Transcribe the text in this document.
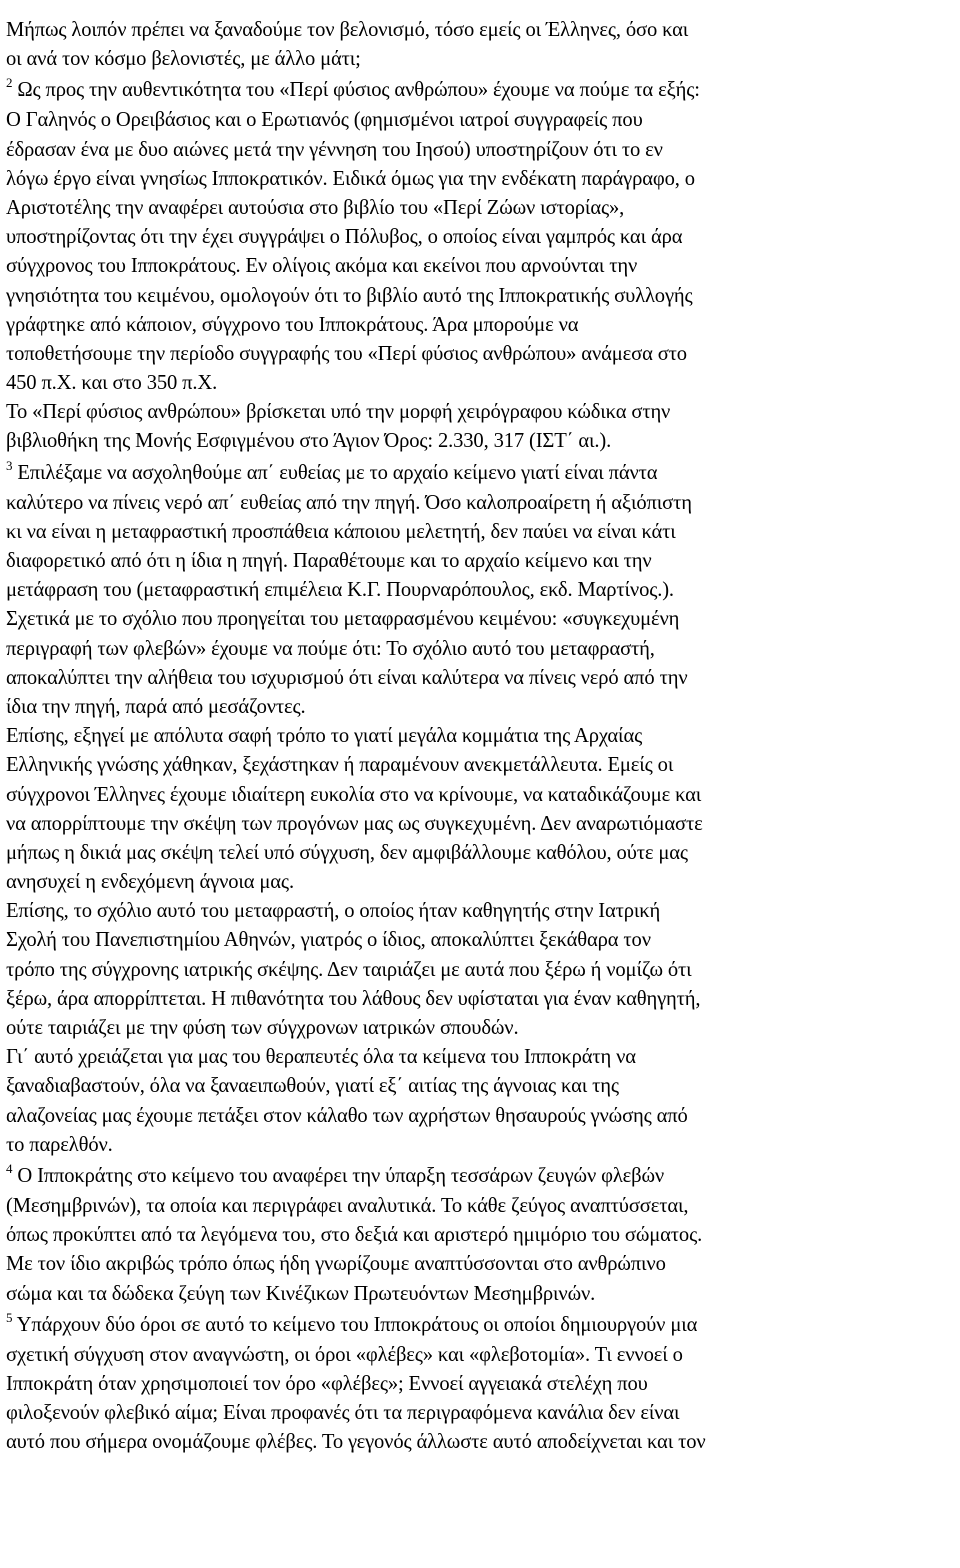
Μήπως λοιπόν πρέπει να ξαναδούμε τον βελονισμό, τόσο εμείς οι Έλληνες, όσο και
οι ανά τον κόσμο βελονιστές, με άλλο μάτι;
$^2$ Ως προς την αυθεντικότητα του «Περί φύσιος ανθρώπου» έχουμε να πούμε τα εξής:
Ο Γαληνός ο Ορειβάσιος και ο Ερωτιανός (φημισμένοι ιατροί συγγραφείς που
έδρασαν ένα με δυο αιώνες μετά την γέννηση του Ιησού) υποστηρίζουν ότι το εν
λόγω έργο είναι γνησίως Ιπποκρατικόν. Ειδικά όμως για την ενδέκατη παράγραφο, ο
Αριστοτέλης την αναφέρει αυτούσια στο βιβλίο του «Περί Ζώων ιστορίας»,
υποστηρίζοντας ότι την έχει συγγράψει ο Πόλυβος, ο οποίος είναι γαμπρός και άρα
σύγχρονος του Ιπποκράτους. Εν ολίγοις ακόμα και εκείνοι που αρνούνται την
γνησιότητα του κειμένου, ομολογούν ότι το βιβλίο αυτό της Ιπποκρατικής συλλογής
γράφτηκε από κάποιον, σύγχρονο του Ιπποκράτους. Άρα μπορούμε να
τοποθετήσουμε την περίοδο συγγραφής του «Περί φύσιος ανθρώπου» ανάμεσα στο
450 π.Χ. και στο 350 π.Χ.
Το «Περί φύσιος ανθρώπου» βρίσκεται υπό την μορφή χειρόγραφου κώδικα στην
βιβλιοθήκη της Μονής Εσφιγμένου στο Άγιον Όρος: 2.330, 317 (ΙΣΤ΄ αι.).
$^3$ Επιλέξαμε να ασχοληθούμε απ΄ ευθείας με το αρχαίο κείμενο γιατί είναι πάντα
καλύτερο να πίνεις νερό απ΄ ευθείας από την πηγή. Όσο καλοπροαίρετη ή αξιόπιστη
κι να είναι η μεταφραστική προσπάθεια κάποιου μελετητή, δεν παύει να είναι κάτι
διαφορετικό από ότι η ίδια η πηγή. Παραθέτουμε και το αρχαίο κείμενο και την
μετάφραση του (μεταφραστική επιμέλεια Κ.Γ. Πουρναρόπουλος, εκδ. Μαρτίνος.).
Σχετικά με το σχόλιο που προηγείται του μεταφρασμένου κειμένου: «συγκεχυμένη
περιγραφή των φλεβών» έχουμε να πούμε ότι: Το σχόλιο αυτό του μεταφραστή,
αποκαλύπτει την αλήθεια του ισχυρισμού ότι είναι καλύτερα να πίνεις νερό από την
ίδια την πηγή, παρά από μεσάζοντες.
Επίσης, εξηγεί με απόλυτα σαφή τρόπο το γιατί μεγάλα κομμάτια της Αρχαίας
Ελληνικής γνώσης χάθηκαν, ξεχάστηκαν ή παραμένουν ανεκμετάλλευτα. Εμείς οι
σύγχρονοι Έλληνες έχουμε ιδιαίτερη ευκολία στο να κρίνουμε, να καταδικάζουμε και
να απορρίπτουμε την σκέψη των προγόνων μας ως συγκεχυμένη. Δεν αναρωτιόμαστε
μήπως η δικιά μας σκέψη τελεί υπό σύγχυση, δεν αμφιβάλλουμε καθόλου, ούτε μας
ανησυχεί η ενδεχόμενη άγνοια μας.
Επίσης, το σχόλιο αυτό του μεταφραστή, ο οποίος ήταν καθηγητής στην Ιατρική
Σχολή του Πανεπιστημίου Αθηνών, γιατρός ο ίδιος, αποκαλύπτει ξεκάθαρα τον
τρόπο της σύγχρονης ιατρικής σκέψης. Δεν ταιριάζει με αυτά που ξέρω ή νομίζω ότι
ξέρω, άρα απορρίπτεται. Η πιθανότητα του λάθους δεν υφίσταται για έναν καθηγητή,
ούτε ταιριάζει με την φύση των σύγχρονων ιατρικών σπουδών.
Γι΄ αυτό χρειάζεται για μας του θεραπευτές όλα τα κείμενα του Ιπποκράτη να
ξαναδιαβαστούν, όλα να ξαναειπωθούν, γιατί εξ΄ αιτίας της άγνοιας και της
αλαζονείας μας έχουμε πετάξει στον κάλαθο των αχρήστων θησαυρούς γνώσης από
το παρελθόν.
$^4$ Ο Ιπποκράτης στο κείμενο του αναφέρει την ύπαρξη τεσσάρων ζευγών φλεβών
(Μεσημβρινών), τα οποία και περιγράφει αναλυτικά. Το κάθε ζεύγος αναπτύσσεται,
όπως προκύπτει από τα λεγόμενα του, στο δεξιά και αριστερό ημιμόριο του σώματος.
Με τον ίδιο ακριβώς τρόπο όπως ήδη γνωρίζουμε αναπτύσσονται στο ανθρώπινο
σώμα και τα δώδεκα ζεύγη των Κινέζικων Πρωτευόντων Μεσημβρινών.
$^5$ Υπάρχουν δύο όροι σε αυτό το κείμενο του Ιπποκράτους οι οποίοι δημιουργούν μια
σχετική σύγχυση στον αναγνώστη, οι όροι «φλέβες» και «φλεβοτομία». Τι εννοεί ο
Ιπποκράτη όταν χρησιμοποιεί τον όρο «φλέβες»; Εννοεί αγγειακά στελέχη που
φιλοξενούν φλεβικό αίμα; Είναι προφανές ότι τα περιγραφόμενα κανάλια δεν είναι
αυτό που σήμερα ονομάζουμε φλέβες. Το γεγονός άλλωστε αυτό αποδείχνεται και τον
